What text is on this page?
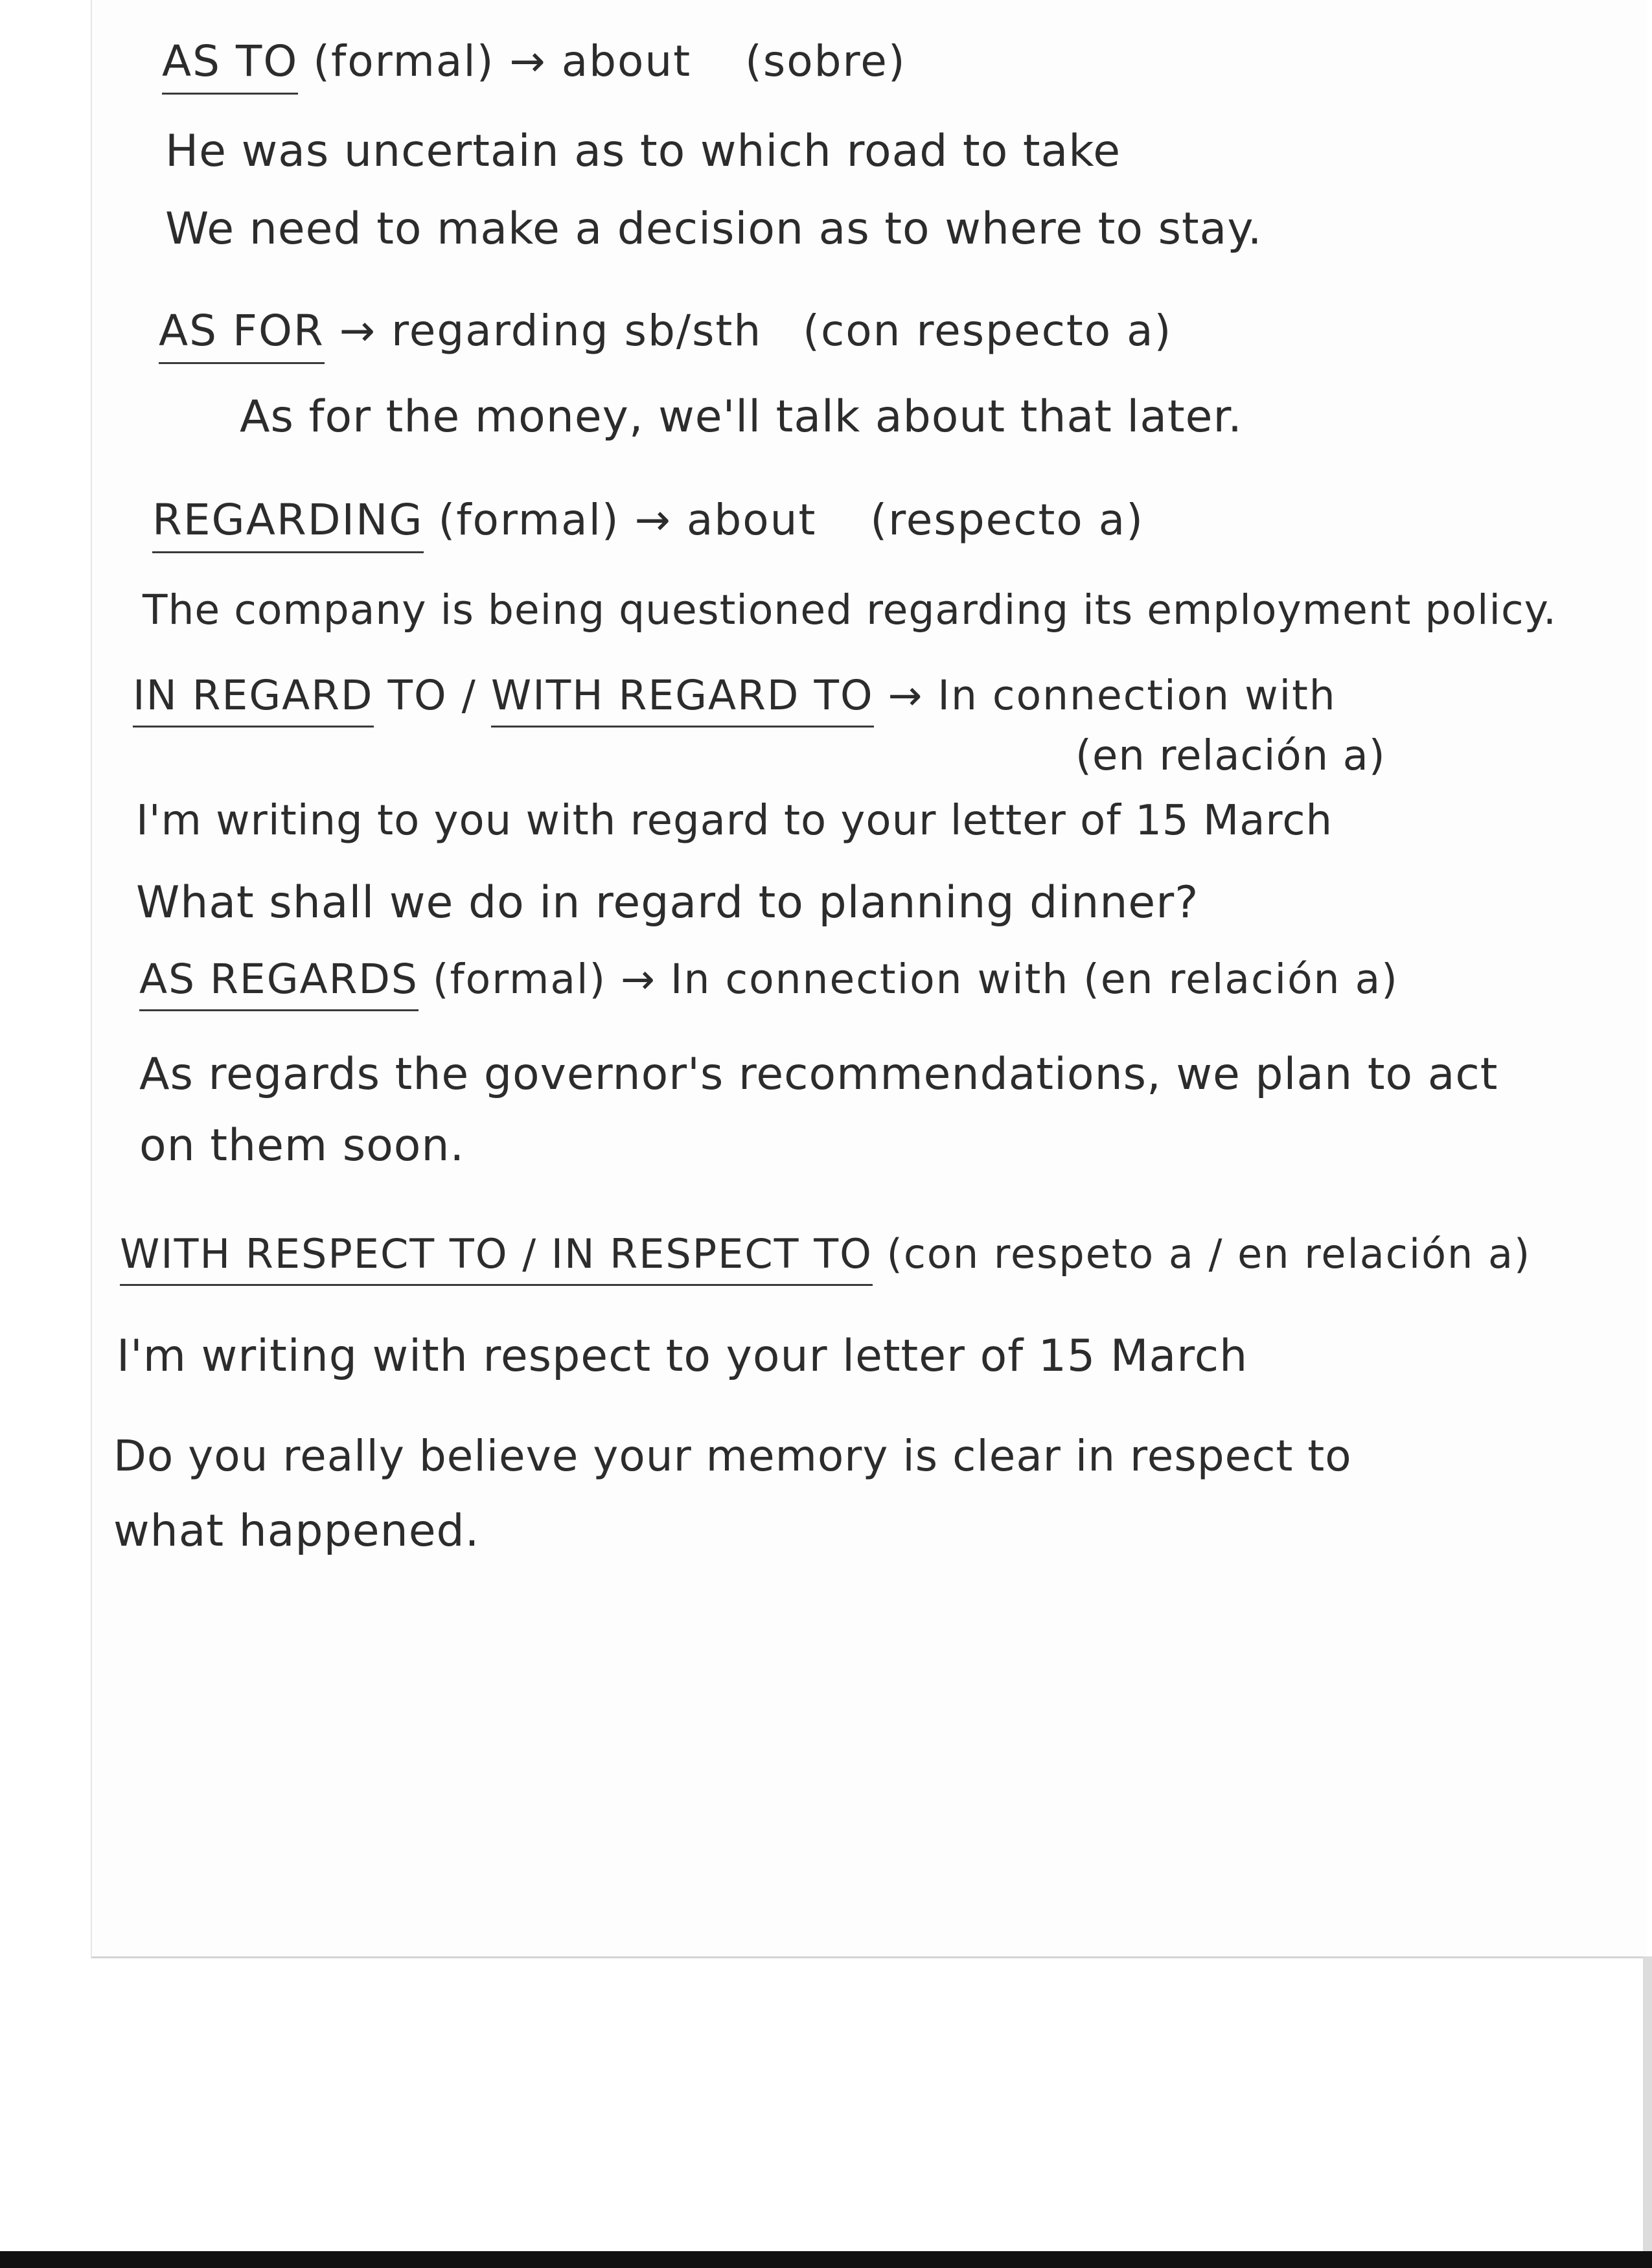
AS TO (formal) → about (sobre)
He was uncertain as to which road to take
We need to make a decision as to where to stay.
AS FOR → regarding sb/sth (con respecto a)
As for the money, we'll talk about that later.
REGARDING (formal) → about (respecto a)
The company is being questioned regarding its employment policy.
IN REGARD TO / WITH REGARD TO → In connection with
(en relación a)
I'm writing to you with regard to your letter of 15 March
What shall we do in regard to planning dinner?
AS REGARDS (formal) → In connection with (en relación a)
As regards the governor's recommendations, we plan to act
on them soon.
WITH RESPECT TO / IN RESPECT TO (con respeto a / en relación a)
I'm writing with respect to your letter of 15 March
Do you really believe your memory is clear in respect to
what happened.
